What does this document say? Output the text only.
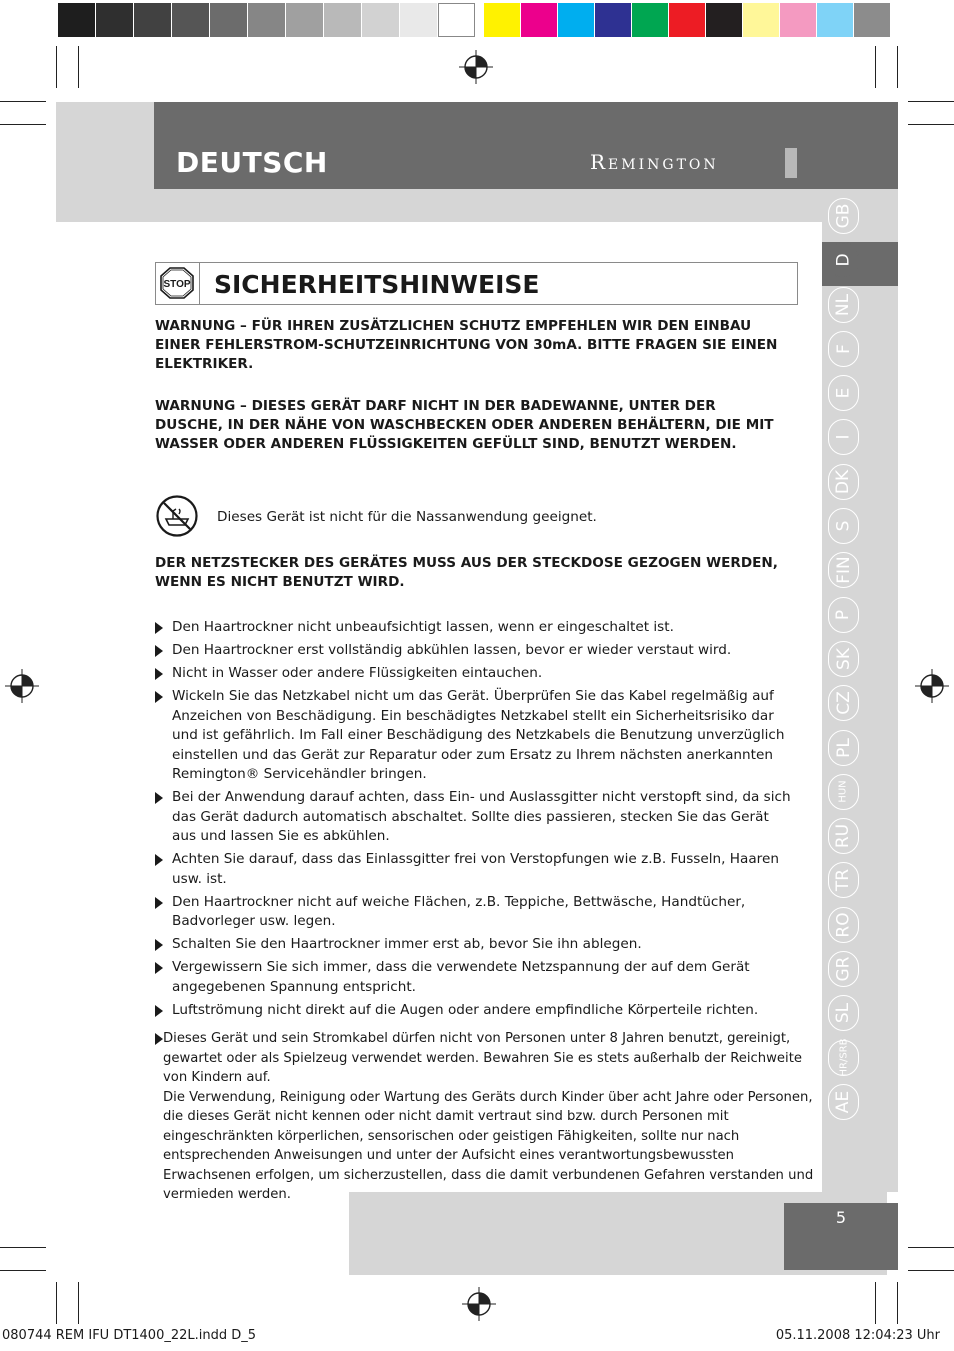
DEUTSCH	Remington
GB
D
NL
F
E
I
DK
S
FIN
P
SK
CZ
PL
HUN
RU
TR
RO
GR
SL
HR/SRB
AE
STOP SICHERHEITSHINWEISE
WARNUNG – FÜR IHREN ZUSÄTZLICHEN SCHUTZ EMPFEHLEN WIR DEN EINBAU EINER FEHLERSTROM-SCHUTZEINRICHTUNG VON 30mA. BITTE FRAGEN SIE EINEN ELEKTRIKER.
WARNUNG – DIESES GERÄT DARF NICHT IN DER BADEWANNE, UNTER DER DUSCHE, IN DER NÄHE VON WASCHBECKEN ODER ANDEREN BEHÄLTERN, DIE MIT WASSER ODER ANDEREN FLÜSSIGKEITEN GEFÜLLT SIND, BENUTZT WERDEN.
Dieses Gerät ist nicht für die Nassanwendung geeignet.
DER NETZSTECKER DES GERÄTES MUSS AUS DER STECKDOSE GEZOGEN WERDEN, WENN ES NICHT BENUTZT WIRD.
Den Haartrockner nicht unbeaufsichtigt lassen, wenn er eingeschaltet ist.
Den Haartrockner erst vollständig abkühlen lassen, bevor er wieder verstaut wird.
Nicht in Wasser oder andere Flüssigkeiten eintauchen.
Wickeln Sie das Netzkabel nicht um das Gerät. Überprüfen Sie das Kabel regelmäßig auf Anzeichen von Beschädigung. Ein beschädigtes Netzkabel stellt ein Sicherheitsrisiko dar und ist gefährlich. Im Fall einer Beschädigung des Netzkabels die Benutzung unverzüglich einstellen und das Gerät zur Reparatur oder zum Ersatz zu Ihrem nächsten anerkannten Remington® Servicehändler bringen.
Bei der Anwendung darauf achten, dass Ein- und Auslassgitter nicht verstopft sind, da sich das Gerät dadurch automatisch abschaltet. Sollte dies passieren, stecken Sie das Gerät aus und lassen Sie es abkühlen.
Achten Sie darauf, dass das Einlassgitter frei von Verstopfungen wie z.B. Fusseln, Haaren usw. ist.
Den Haartrockner nicht auf weiche Flächen, z.B. Teppiche, Bettwäsche, Handtücher, Badvorleger usw. legen.
Schalten Sie den Haartrockner immer erst ab, bevor Sie ihn ablegen.
Vergewissern Sie sich immer, dass die verwendete Netzspannung der auf dem Gerät angegebenen Spannung entspricht.
Luftströmung nicht direkt auf die Augen oder andere empfindliche Körperteile richten.

Dieses Gerät und sein Stromkabel dürfen nicht von Personen unter 8 Jahren benutzt, gereinigt, gewartet oder als Spielzeug verwendet werden. Bewahren Sie es stets außerhalb der Reichweite von Kindern auf.

Die Verwendung, Reinigung oder Wartung des Geräts durch Kinder über acht Jahre oder Personen, die dieses Gerät nicht kennen oder nicht damit vertraut sind bzw. durch Personen mit eingeschränkten körperlichen, sensorischen oder geistigen Fähigkeiten, sollte nur nach entsprechenden Anweisungen und unter der Aufsicht eines verantwortungsbewussten Erwachsenen erfolgen, um sicherzustellen, dass die damit verbundenen Gefahren verstanden und vermieden werden.

5
080744 REM IFU DT1400_22L.indd D_5	05.11.2008 12:04:23 Uhr
